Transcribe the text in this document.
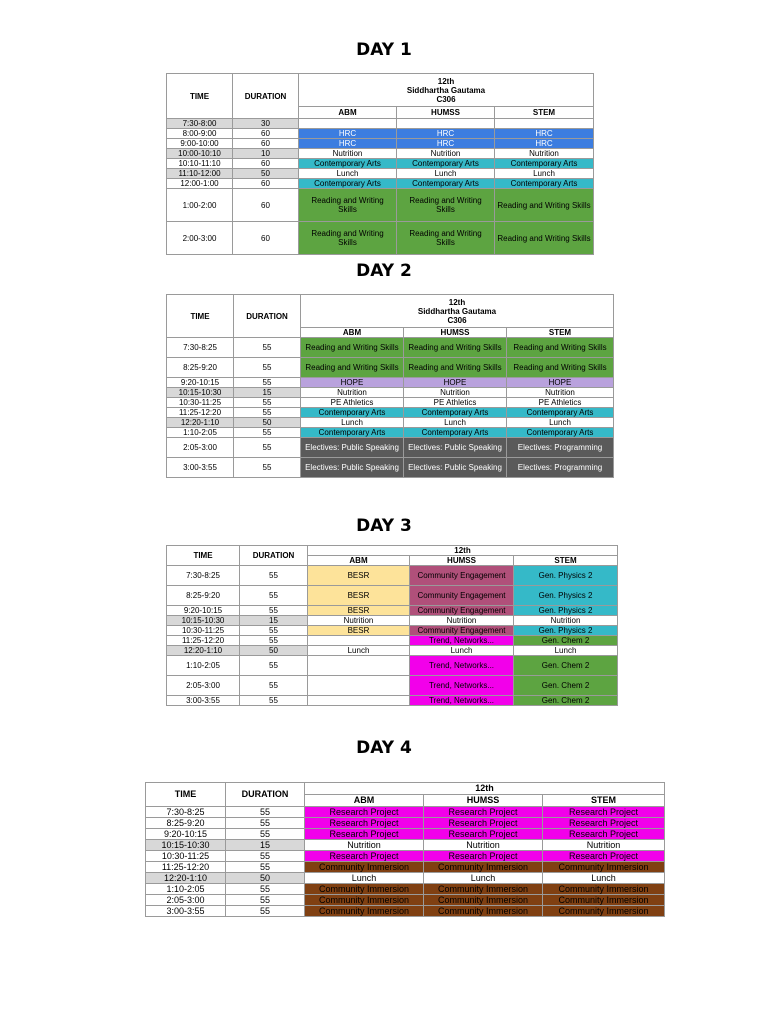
DAY 1
TIME	DURATION	12th
Siddhartha Gautama
C306		

		ABM	HUMSS	STEM
7:30-8:00	30			
8:00-9:00	60	HRC	HRC	HRC
9:00-10:00	60	HRC	HRC	HRC
10:00-10:10	10	Nutrition	Nutrition	Nutrition
10:10-11:10	60	Contemporary Arts	Contemporary Arts	Contemporary Arts
11:10-12:00	50	Lunch	Lunch	Lunch
12:00-1:00	60	Contemporary Arts	Contemporary Arts	Contemporary Arts
1:00-2:00	60	Reading and Writing Skills	Reading and Writing Skills	Reading and Writing Skills
2:00-3:00	60	Reading and Writing Skills	Reading and Writing Skills	Reading and Writing Skills
DAY 2
TIME	DURATION	12th
Siddhartha Gautama
C306		

		ABM	HUMSS	STEM
7:30-8:25	55	Reading and Writing Skills	Reading and Writing Skills	Reading and Writing Skills
8:25-9:20	55	Reading and Writing Skills	Reading and Writing Skills	Reading and Writing Skills
9:20-10:15	55	HOPE	HOPE	HOPE
10:15-10:30	15	Nutrition	Nutrition	Nutrition
10:30-11:25	55	PE Athletics	PE Athletics	PE Athletics
11:25-12:20	55	Contemporary Arts	Contemporary Arts	Contemporary Arts
12:20-1:10	50	Lunch	Lunch	Lunch
1:10-2:05	55	Contemporary Arts	Contemporary Arts	Contemporary Arts
2:05-3:00	55	Electives: Public Speaking	Electives: Public Speaking	Electives: Programming
3:00-3:55	55	Electives: Public Speaking	Electives: Public Speaking	Electives: Programming
DAY 3
TIME	DURATION	12th		
		ABM	HUMSS	STEM
7:30-8:25	55	BESR	Community Engagement	Gen. Physics 2
8:25-9:20	55	BESR	Community Engagement	Gen. Physics 2
9:20-10:15	55	BESR	Community Engagement	Gen. Physics 2
10:15-10:30	15	Nutrition	Nutrition	Nutrition
10:30-11:25	55	BESR	Community Engagement	Gen. Physics 2
11:25-12:20	55		Trend, Networks...	Gen. Chem 2
12:20-1:10	50	Lunch	Lunch	Lunch
1:10-2:05	55		Trend, Networks...	Gen. Chem 2
2:05-3:00	55		Trend, Networks...	Gen. Chem 2
3:00-3:55	55		Trend, Networks...	Gen. Chem 2
DAY 4
TIME	DURATION	12th		
		ABM	HUMSS	STEM
7:30-8:25	55	Research Project	Research Project	Research Project
8:25-9:20	55	Research Project	Research Project	Research Project
9:20-10:15	55	Research Project	Research Project	Research Project
10:15-10:30	15	Nutrition	Nutrition	Nutrition
10:30-11:25	55	Research Project	Research Project	Research Project
11:25-12:20	55	Community Immersion	Community Immersion	Community Immersion
12:20-1:10	50	Lunch	Lunch	Lunch
1:10-2:05	55	Community Immersion	Community Immersion	Community Immersion
2:05-3:00	55	Community Immersion	Community Immersion	Community Immersion
3:00-3:55	55	Community Immersion	Community Immersion	Community Immersion
